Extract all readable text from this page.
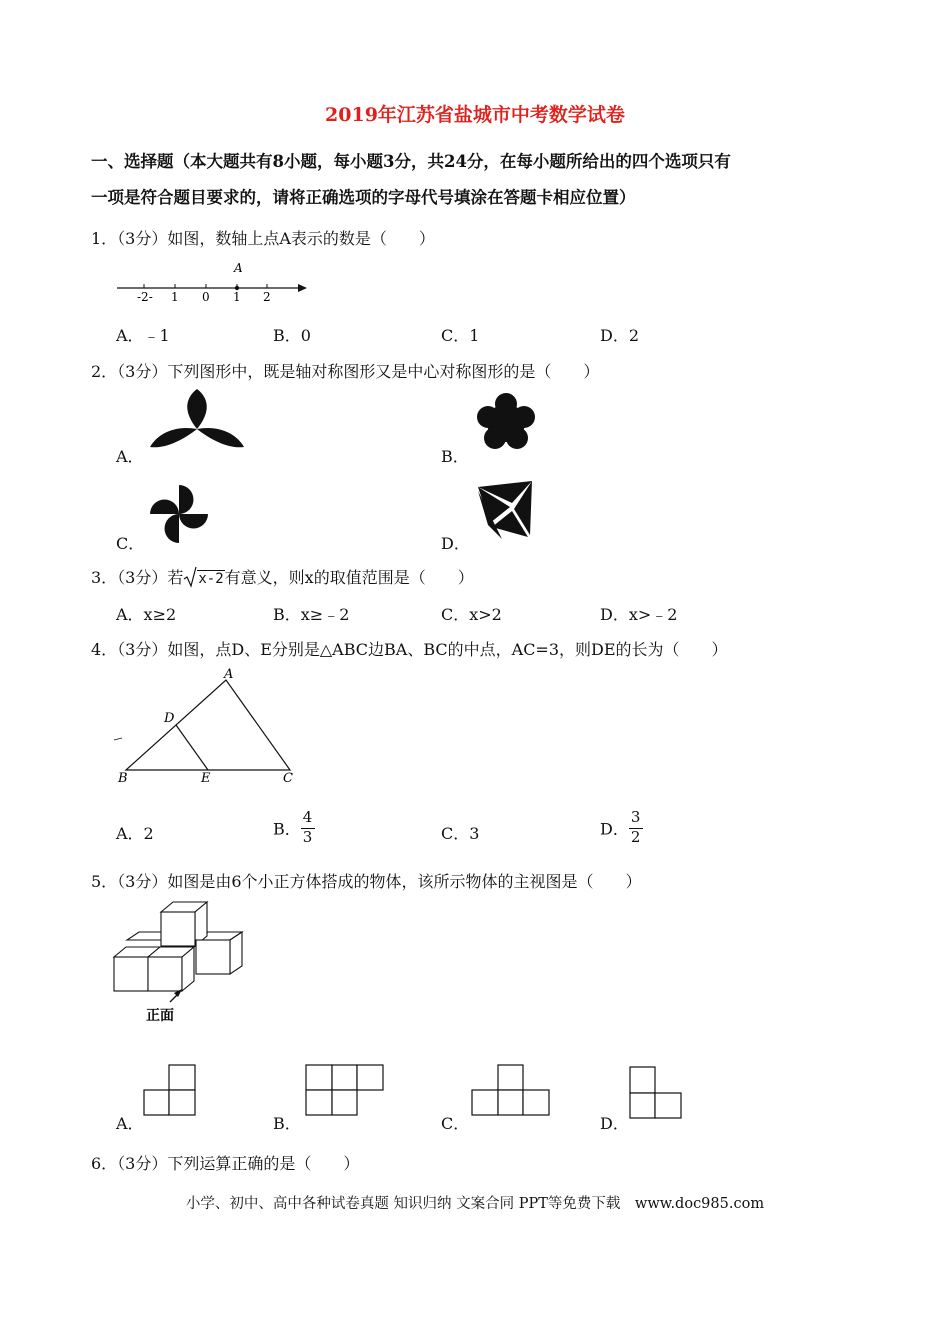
2019年江苏省盐城市中考数学试卷
一、选择题（本大题共有8小题，每小题3分，共24分，在每小题所给出的四个选项只有
一项是符合题目要求的，请将正确选项的字母代号填涂在答题卡相应位置）
1．（3分）如图，数轴上点A表示的数是（　　）
A
-2- 1 0 1 2
A．﹣1	B．0	C．1	D．2
2．（3分）下列图形中，既是轴对称图形又是中心对称图形的是（　　）
A．	B．
C．	D．
3．（3分）若 x-2有意义，则x的取值范围是（　　）
A．x≥2	B．x≥﹣2	C．x>2	D．x>﹣2
4．（3分）如图，点D、E分别是△ABC边BA、BC的中点，AC=3，则DE的长为（　　）
A
B	C
D
E
A．2	B． $\frac{4}{3}$	C．3	D． $\frac{3}{2}$
5．（3分）如图是由6个小正方体搭成的物体，该所示物体的主视图是（　　）
正面
A．	B．	C．	D．
6．（3分）下列运算正确的是（　　）
小学、初中、高中各种试卷真题 知识归纳 文案合同 PPT等免费下载　www.doc985.com
